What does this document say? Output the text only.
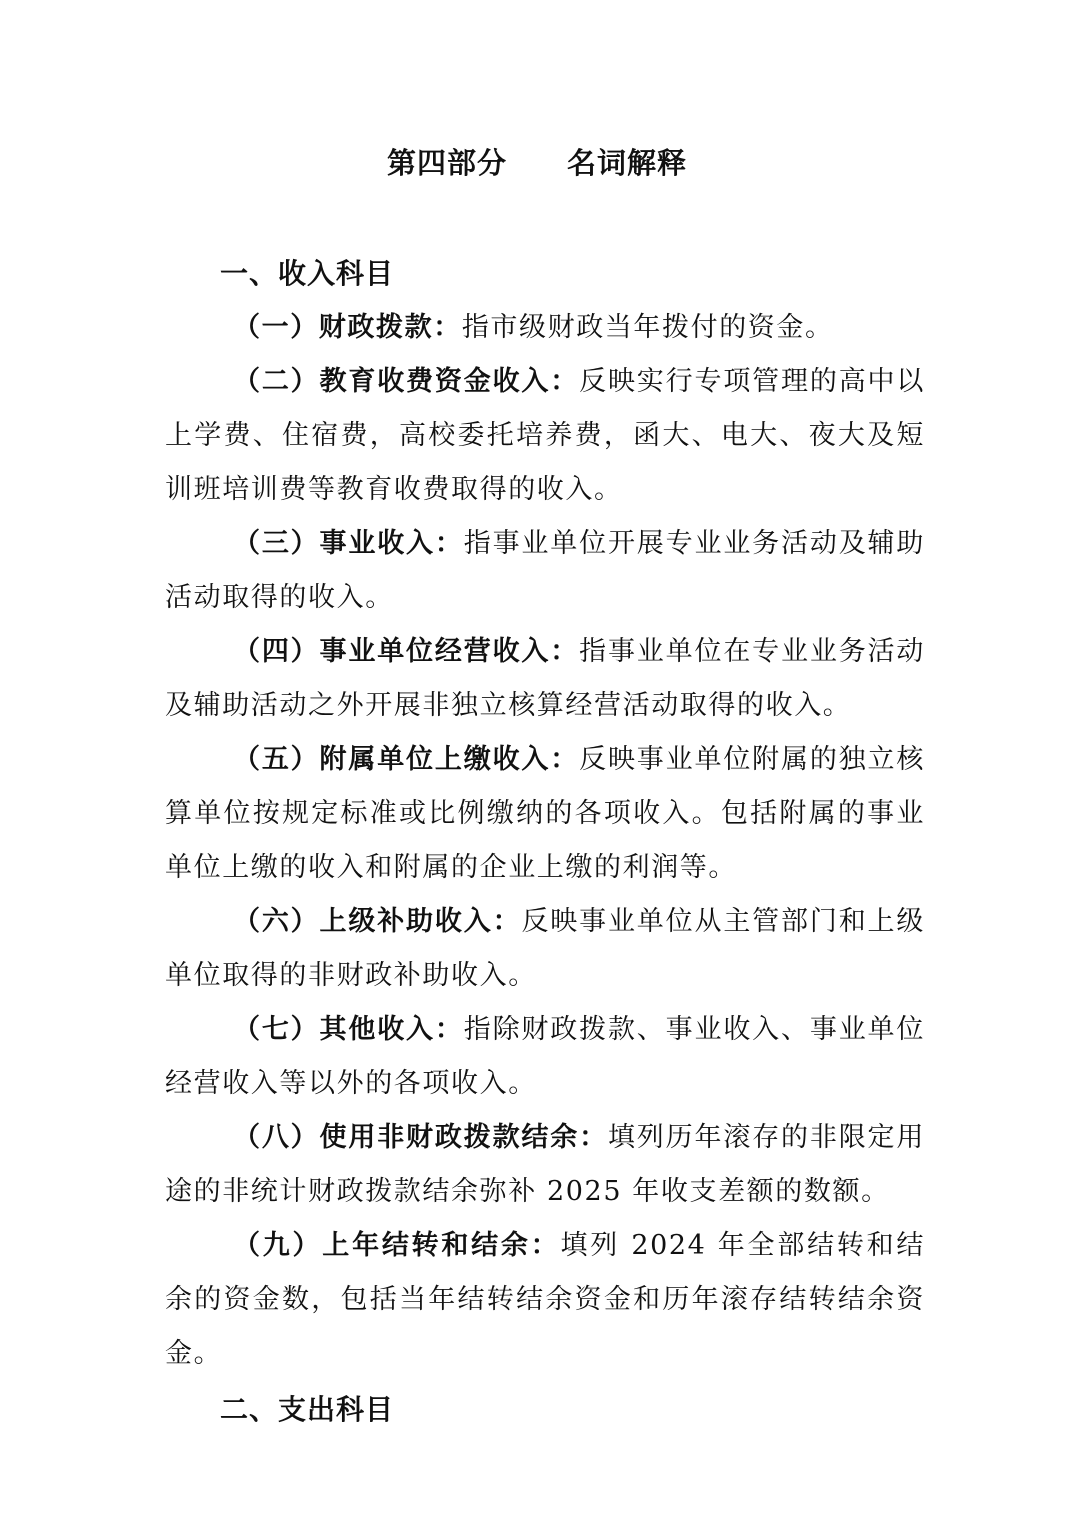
第四部分　　名词解释

一、收入科目

（一）财政拨款：指市级财政当年拨付的资金。

（二）教育收费资金收入：反映实行专项管理的高中以上学费、住宿费，高校委托培养费，函大、电大、夜大及短训班培训费等教育收费取得的收入。

（三）事业收入：指事业单位开展专业业务活动及辅助活动取得的收入。

（四）事业单位经营收入：指事业单位在专业业务活动及辅助活动之外开展非独立核算经营活动取得的收入。

（五）附属单位上缴收入：反映事业单位附属的独立核算单位按规定标准或比例缴纳的各项收入。包括附属的事业单位上缴的收入和附属的企业上缴的利润等。

（六）上级补助收入：反映事业单位从主管部门和上级单位取得的非财政补助收入。

（七）其他收入：指除财政拨款、事业收入、事业单位经营收入等以外的各项收入。

（八）使用非财政拨款结余：填列历年滚存的非限定用途的非统计财政拨款结余弥补 2025 年收支差额的数额。

（九）上年结转和结余：填列 2024 年全部结转和结余的资金数，包括当年结转结余资金和历年滚存结转结余资金。

二、支出科目
